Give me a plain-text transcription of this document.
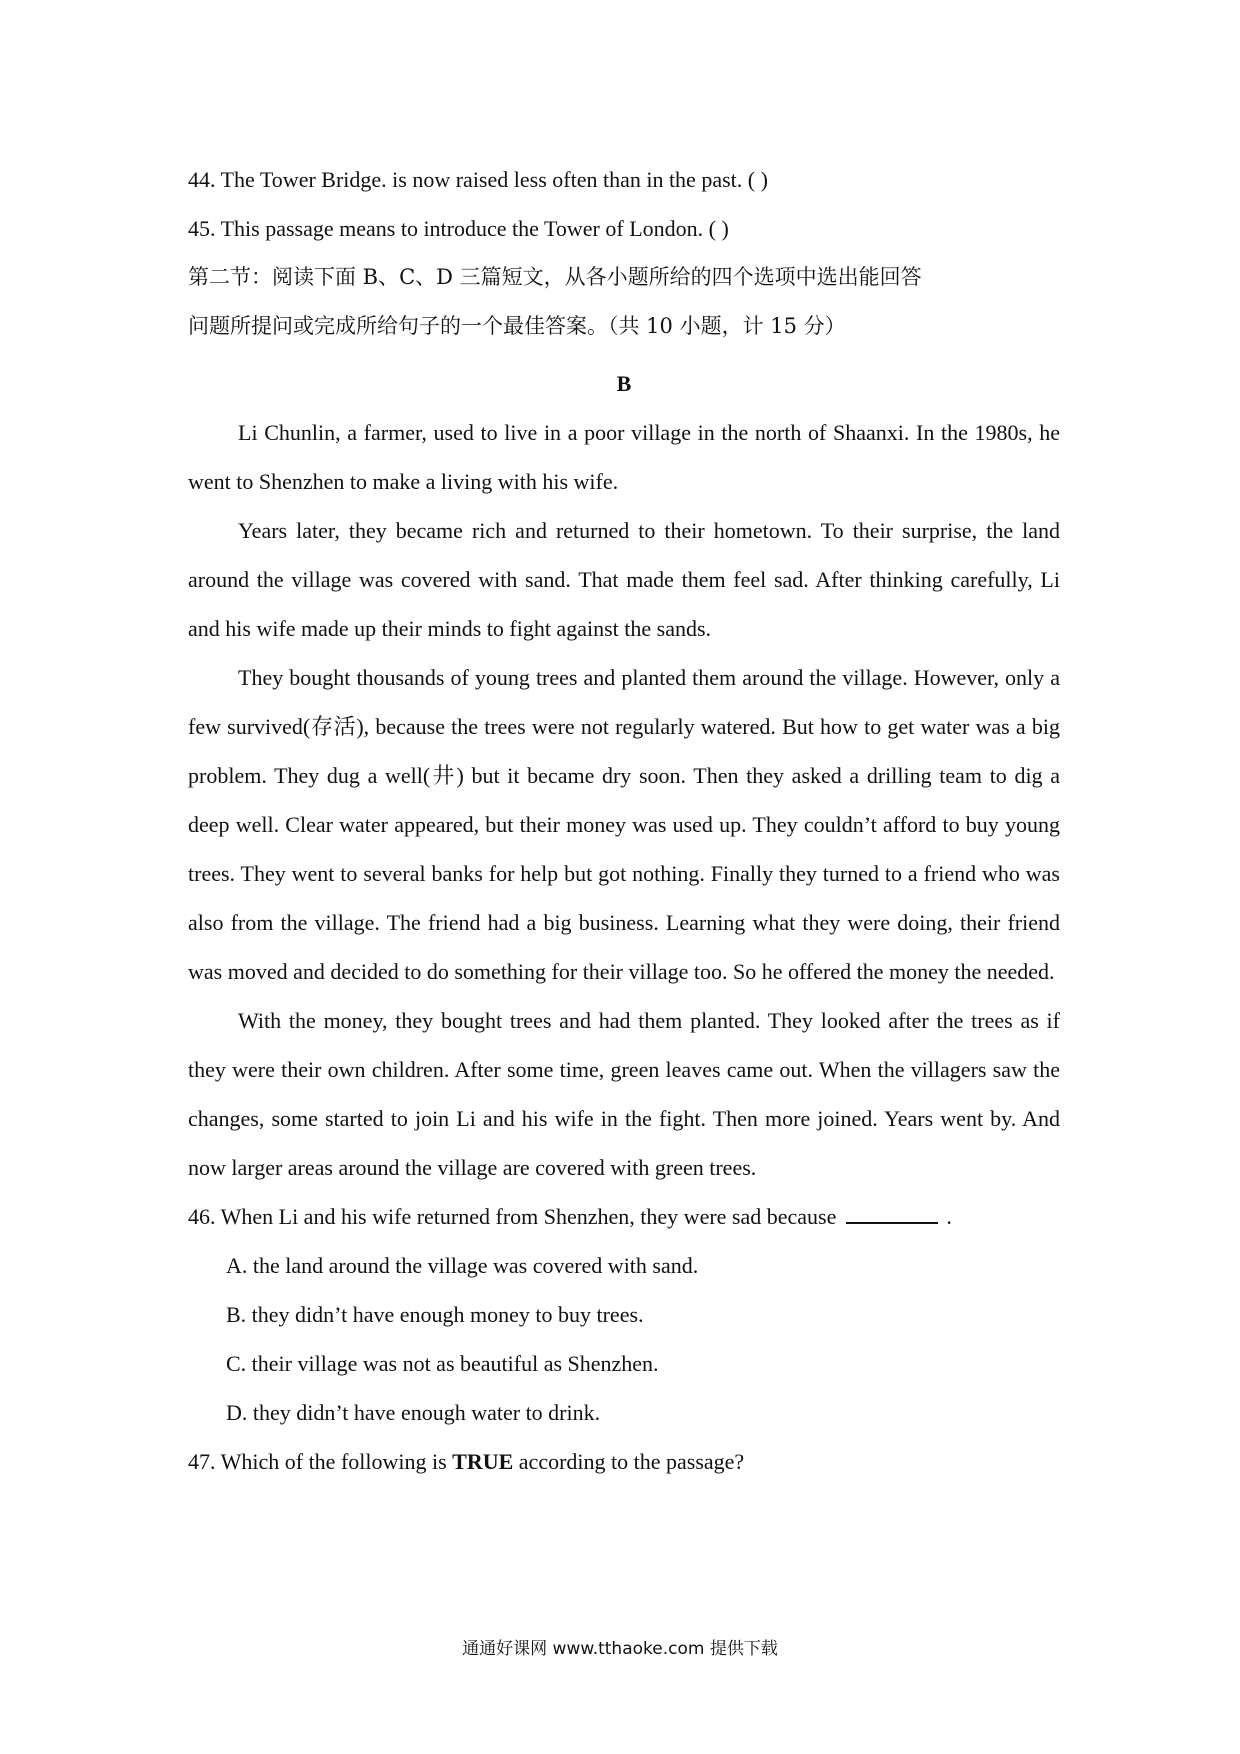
44. The Tower Bridge. is now raised less often than in the past. ( )

45. This passage means to introduce the Tower of London. ( )

第二节：阅读下面 B、C、D 三篇短文，从各小题所给的四个选项中选出能回答

问题所提问或完成所给句子的一个最佳答案。（共 10 小题，计 15 分）

B

Li Chunlin, a farmer, used to live in a poor village in the north of Shaanxi. In the 1980s, he went to Shenzhen to make a living with his wife.

Years later, they became rich and returned to their hometown. To their surprise, the land around the village was covered with sand. That made them feel sad. After thinking carefully, Li and his wife made up their minds to fight against the sands.

They bought thousands of young trees and planted them around the village. However, only a few survived(存活), because the trees were not regularly watered. But how to get water was a big problem. They dug a well(井) but it became dry soon. Then they asked a drilling team to dig a deep well. Clear water appeared, but their money was used up. They couldn’t afford to buy young trees. They went to several banks for help but got nothing. Finally they turned to a friend who was also from the village. The friend had a big business. Learning what they were doing, their friend was moved and decided to do something for their village too. So he offered the money the needed.

With the money, they bought trees and had them planted. They looked after the trees as if they were their own children. After some time, green leaves came out. When the villagers saw the changes, some started to join Li and his wife in the fight. Then more joined. Years went by. And now larger areas around the village are covered with green trees.

46. When Li and his wife returned from Shenzhen, they were sad because	.

A. the land around the village was covered with sand.
B. they didn’t have enough money to buy trees.
C. their village was not as beautiful as Shenzhen.
D. they didn’t have enough water to drink.

47. Which of the following is TRUE according to the passage?

通通好课网 www.tthaoke.com 提供下载
